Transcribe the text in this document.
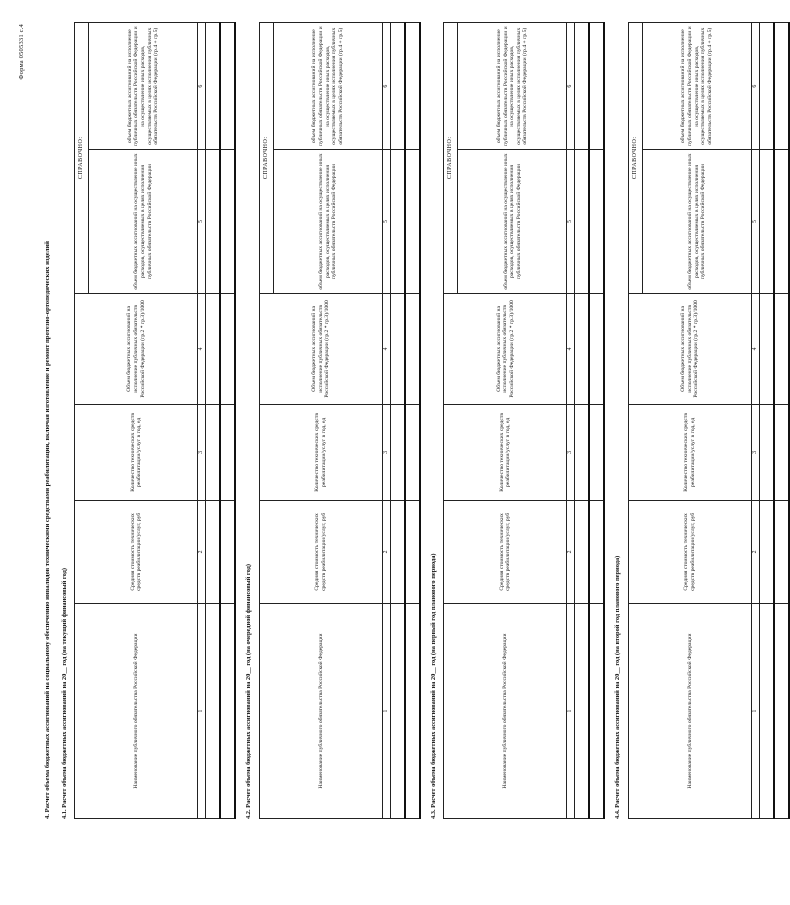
Форма 0505331 с.4
4. Расчет объема бюджетных ассигнований на социальному обеспечению инвалидов техническими средствами реабилитации, включая изготовление и ремонт протезно-ортопедических изделий 4.1. Расчет объема бюджетных ассигнований на 20__ год (на текущий финансовый год)	Наименование публичного обязательства Российской Федерации	Средняя стоимость технических средств реабилитации/услуг, руб	Количество технических средств реабилитации/услуг в год, ед	Объем бюджетных ассигнований на исполнение публичных обязательств Российской Федерации (гр.2 * гр.3)/1000	СПРАВОЧНО:	
				объем бюджетных ассигнований на осуществление иных расходов, осуществляемых в целях исполнения публичных обязательств Российской Федерации	объем бюджетных ассигнований на исполнение публичных обязательств Российской Федерации и на осуществление иных расходов, осуществляемых в целях исполнения публичных обязательств Российской Федерации (гр.4 + гр.5)
1	2	3	4	5	6

4.2. Расчет объема бюджетных ассигнований на 20__ год (на очередной финансовый год)	Наименование публичного обязательства Российской Федерации	Средняя стоимость технических средств реабилитации/услуг, руб	Количество технических средств реабилитации/услуг в год, ед	Объем бюджетных ассигнований на исполнение публичных обязательств Российской Федерации (гр.2 * гр.3)/1000	СПРАВОЧНО:	
				объем бюджетных ассигнований на осуществление иных расходов, осуществляемых в целях исполнения публичных обязательств Российской Федерации	объем бюджетных ассигнований на исполнение публичных обязательств Российской Федерации и на осуществление иных расходов, осуществляемых в целях исполнения публичных обязательств Российской Федерации (гр.4 + гр.5)
1	2	3	4	5	6

4.3. Расчет объема бюджетных ассигнований на 20__ год (на первый год планового периода)	Наименование публичного обязательства Российской Федерации	Средняя стоимость технических средств реабилитации/услуг, руб	Количество технических средств реабилитации/услуг в год, ед	Объем бюджетных ассигнований на исполнение публичных обязательств Российской Федерации (гр.2 * гр.3)/1000	СПРАВОЧНО:	
				объем бюджетных ассигнований на осуществление иных расходов, осуществляемых в целях исполнения публичных обязательств Российской Федерации	объем бюджетных ассигнований на исполнение публичных обязательств Российской Федерации и на осуществление иных расходов, осуществляемых в целях исполнения публичных обязательств Российской Федерации (гр.4 + гр.5)
1	2	3	4	5	6

4.4. Расчет объема бюджетных ассигнований на 20__ год (на второй год планового периода)	Наименование публичного обязательства Российской Федерации	Средняя стоимость технических средств реабилитации/услуг, руб	Количество технических средств реабилитации/услуг в год, ед	Объем бюджетных ассигнований на исполнение публичных обязательств Российской Федерации (гр.2 * гр.3)/1000	СПРАВОЧНО:	
				объем бюджетных ассигнований на осуществление иных расходов, осуществляемых в целях исполнения публичных обязательств Российской Федерации	объем бюджетных ассигнований на исполнение публичных обязательств Российской Федерации и на осуществление иных расходов, осуществляемых в целях исполнения публичных обязательств Российской Федерации (гр.4 + гр.5)
1	2	3	4	5	6
